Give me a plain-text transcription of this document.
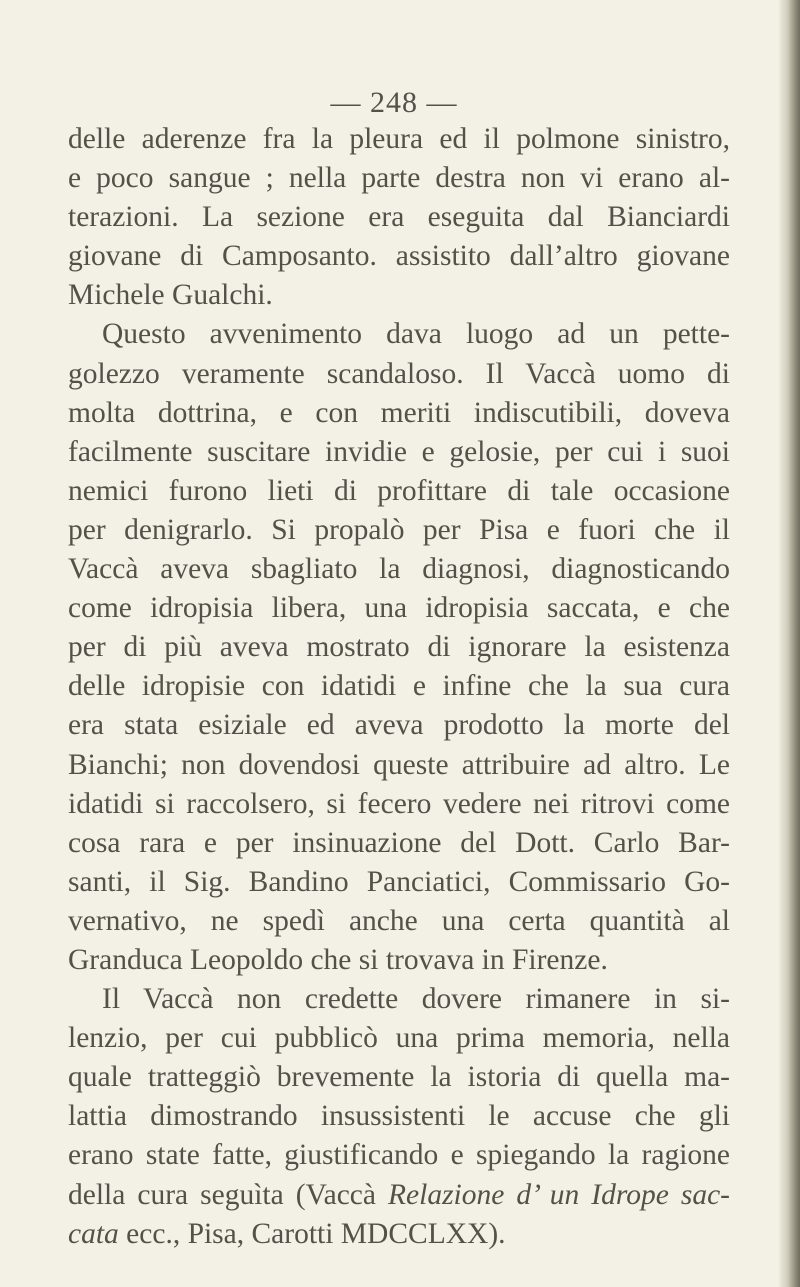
— 248 —
delle aderenze fra la pleura ed il polmone sinistro,
e poco sangue ; nella parte destra non vi erano al-
terazioni. La sezione era eseguita dal Bianciardi
giovane di Camposanto. assistito dall’altro giovane
Michele Gualchi.
Questo avvenimento dava luogo ad un pette-
golezzo veramente scandaloso. Il Vaccà uomo di
molta dottrina, e con meriti indiscutibili, doveva
facilmente suscitare invidie e gelosie, per cui i suoi
nemici furono lieti di profittare di tale occasione
per denigrarlo. Si propalò per Pisa e fuori che il
Vaccà aveva sbagliato la diagnosi, diagnosticando
come idropisia libera, una idropisia saccata, e che
per di più aveva mostrato di ignorare la esistenza
delle idropisie con idatidi e infine che la sua cura
era stata esiziale ed aveva prodotto la morte del
Bianchi; non dovendosi queste attribuire ad altro. Le
idatidi si raccolsero, si fecero vedere nei ritrovi come
cosa rara e per insinuazione del Dott. Carlo Bar-
santi, il Sig. Bandino Panciatici, Commissario Go-
vernativo, ne spedì anche una certa quantità al
Granduca Leopoldo che si trovava in Firenze.
Il Vaccà non credette dovere rimanere in si-
lenzio, per cui pubblicò una prima memoria, nella
quale tratteggiò brevemente la istoria di quella ma-
lattia dimostrando insussistenti le accuse che gli
erano state fatte, giustificando e spiegando la ragione
della cura seguìta (Vaccà Relazione d’ un Idrope sac-
cata ecc., Pisa, Carotti MDCCLXX).
